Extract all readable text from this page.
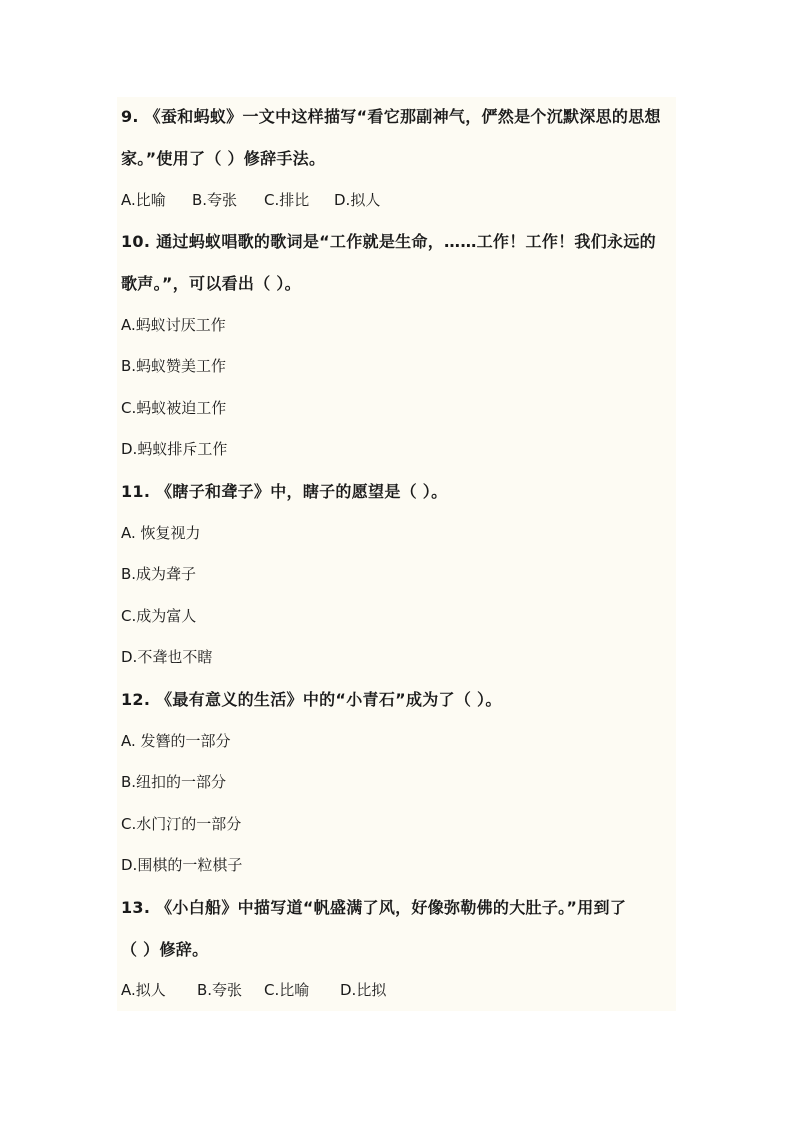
9. 《蚕和蚂蚁》一文中这样描写“看它那副神气，俨然是个沉默深思的思想
家。”使用了（ ）修辞手法。
A.比喻 B.夸张 C.排比 D.拟人
10. 通过蚂蚁唱歌的歌词是“工作就是生命，……工作！工作！我们永远的
歌声。”，可以看出（ ）。
A.蚂蚁讨厌工作
B.蚂蚁赞美工作
C.蚂蚁被迫工作
D.蚂蚁排斥工作
11. 《瞎子和聋子》中，瞎子的愿望是（ ）。
A. 恢复视力
B.成为聋子
C.成为富人
D.不聋也不瞎
12. 《最有意义的生活》中的“小青石”成为了（ ）。
A. 发簪的一部分
B.纽扣的一部分
C.水门汀的一部分
D.围棋的一粒棋子
13. 《小白船》中描写道“帆盛满了风，好像弥勒佛的大肚子。”用到了
（ ）修辞。
A.拟人 B.夸张 C.比喻 D.比拟
